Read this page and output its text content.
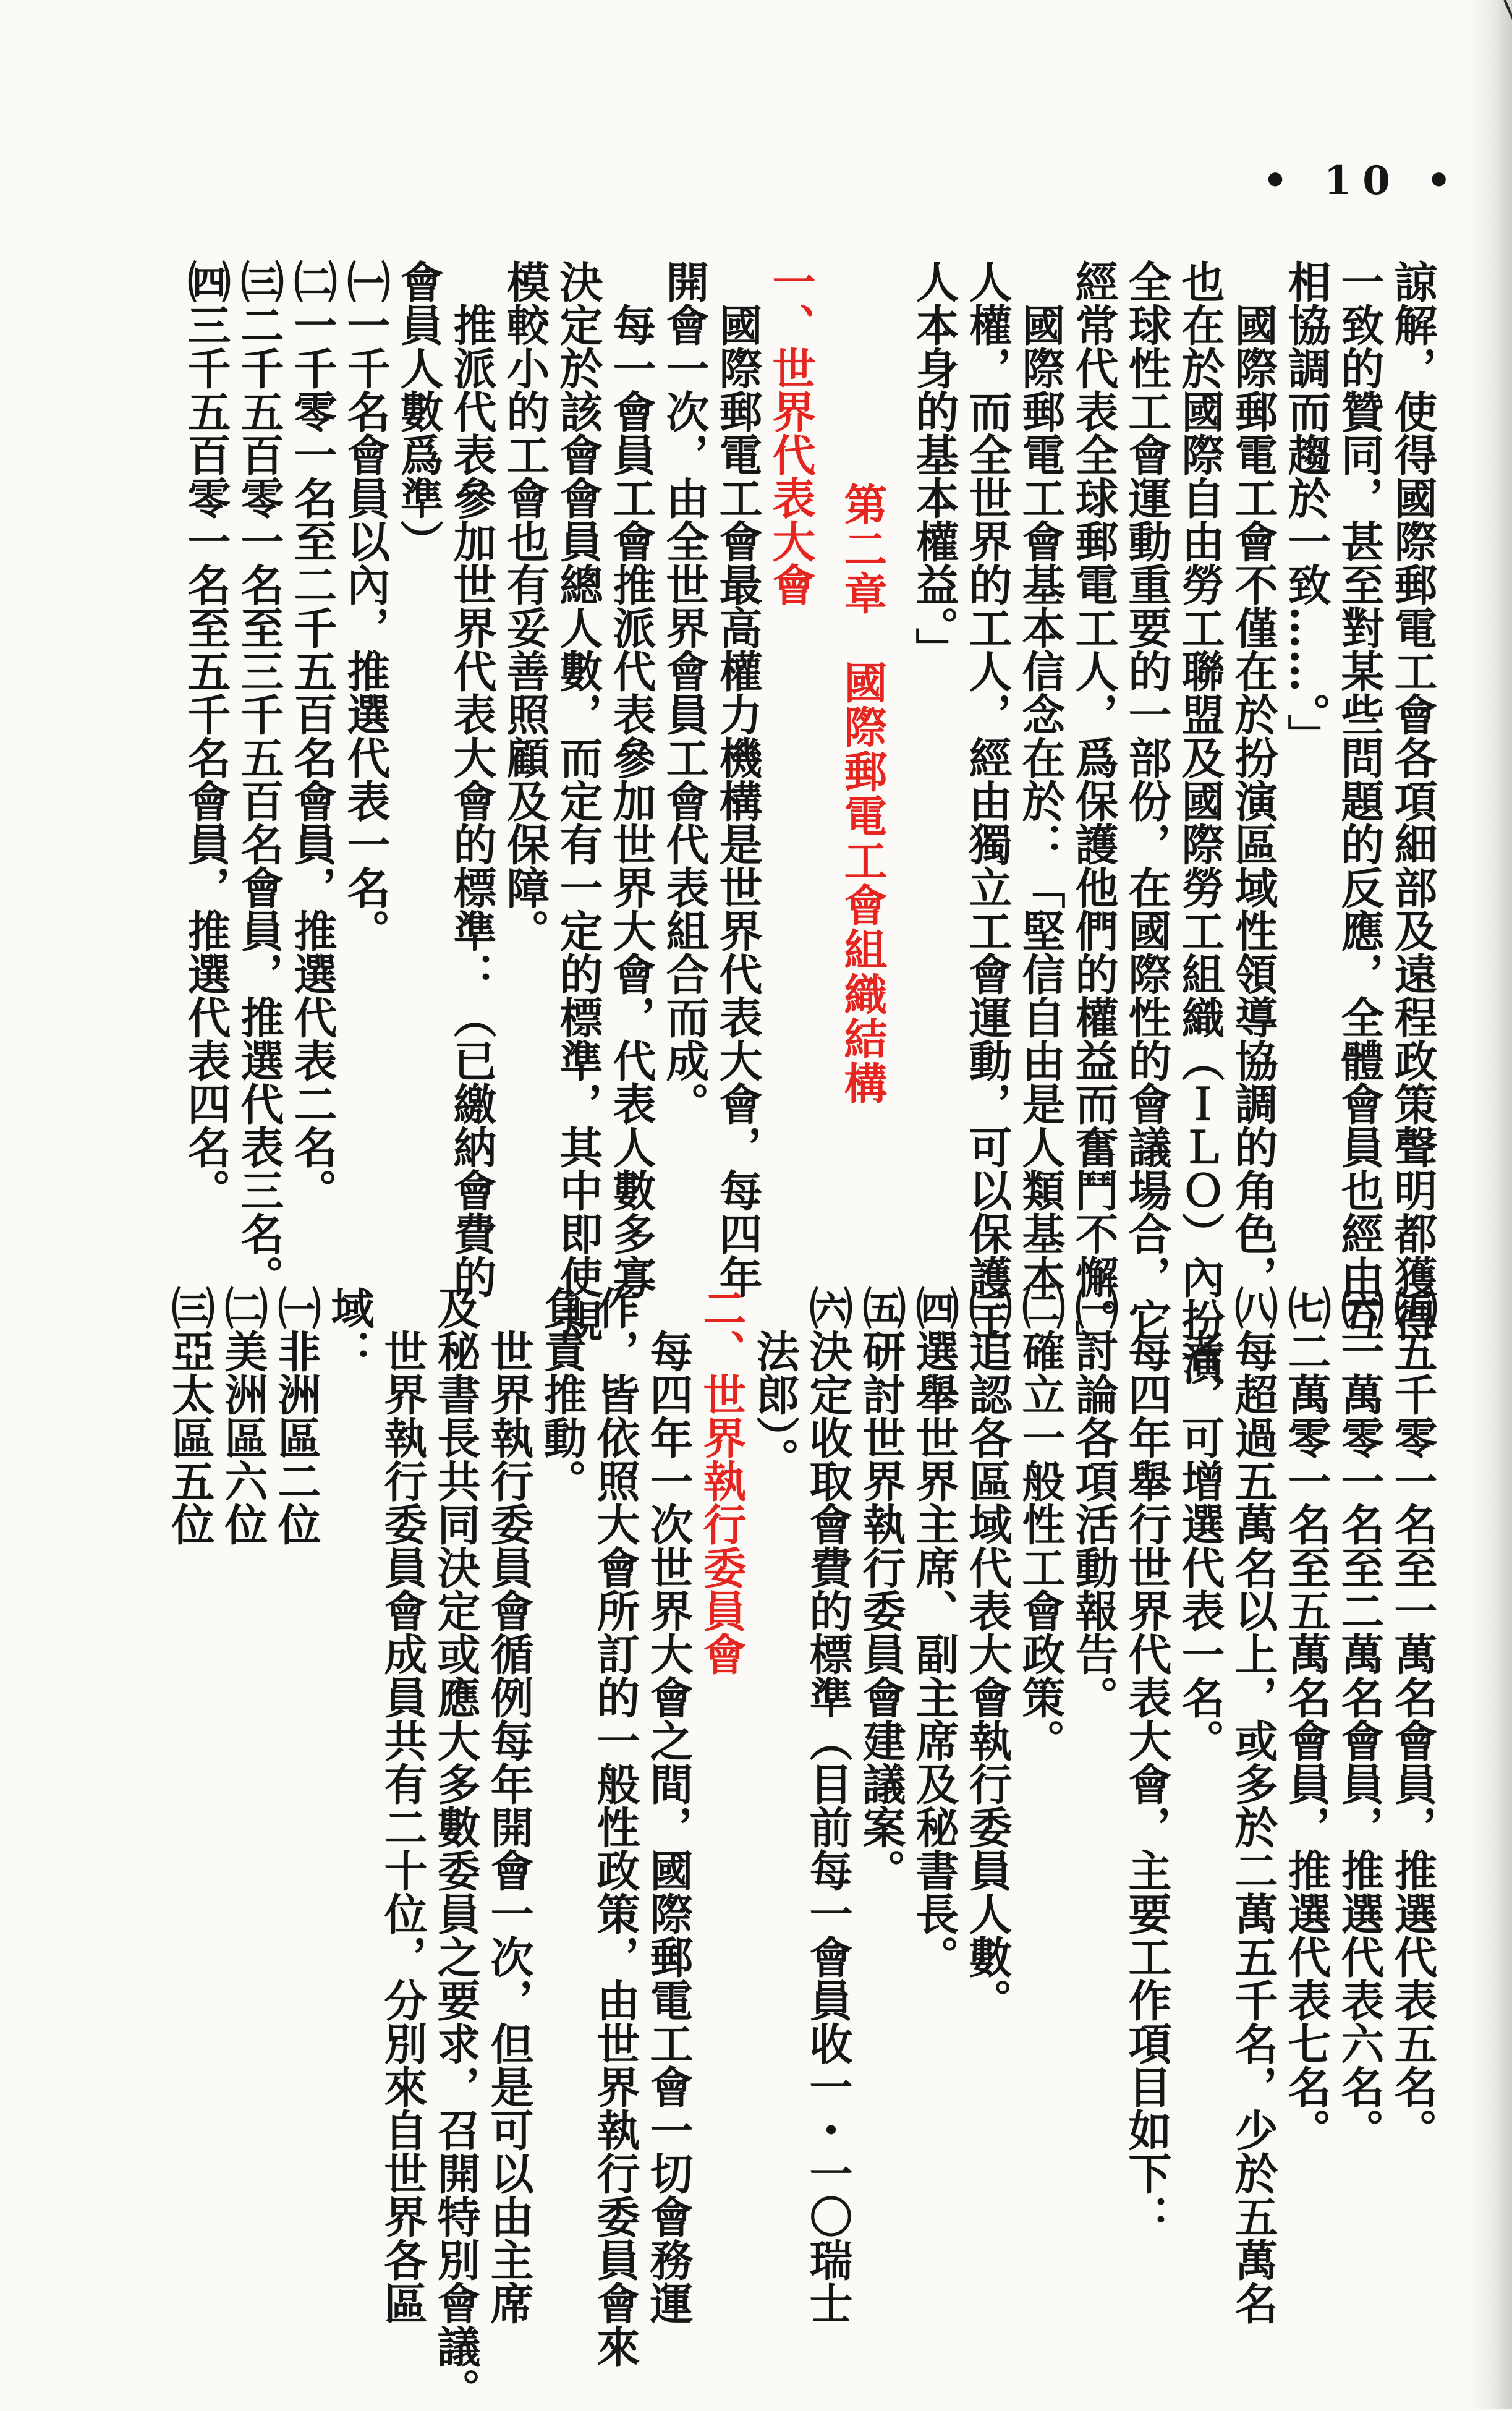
• 10 •
諒解，使得國際郵電工會各項細部及遠程政策聲明都獲得
一致的贊同，甚至對某些問題的反應，全體會員也經由互
相協調而趨於一致……。」
　國際郵電工會不僅在於扮演區域性領導協調的角色，
也在於國際自由勞工聯盟及國際勞工組織（ＩＬＯ）內扮演
全球性工會運動重要的一部份，在國際性的會議場合，它
經常代表全球郵電工人，爲保護他們的權益而奮鬥不懈。」
　國際郵電工會基本信念在於：「堅信自由是人類基本
人權，而全世界的工人，經由獨立工會運動，可以保護工
人本身的基本權益。」
　　　　　第二章　國際郵電工會組織結構
一、世界代表大會
　國際郵電工會最高權力機構是世界代表大會，每四年
開會一次，由全世界會員工會代表組合而成。
　每一會員工會推派代表參加世界大會，代表人數多寡
決定於該會會員總人數，而定有一定的標準，其中即使規
模較小的工會也有妥善照顧及保障。
　推派代表參加世界代表大會的標準：（已繳納會費的
會員人數爲準）
㈠一千名會員以內，推選代表一名。
㈡一千零一名至二千五百名會員，推選代表二名。
㈢二千五百零一名至三千五百名會員，推選代表三名。
㈣三千五百零一名至五千名會員，推選代表四名。
㈤五千零一名至一萬名會員，推選代表五名。
㈥一萬零一名至二萬名會員，推選代表六名。
㈦二萬零一名至五萬名會員，推選代表七名。
㈧每超過五萬名以上，或多於二萬五千名，少於五萬名
　者，可增選代表一名。
　每四年舉行世界代表大會，主要工作項目如下：
㈠討論各項活動報告。
㈡確立一般性工會政策。
㈢追認各區域代表大會執行委員人數。
㈣選舉世界主席、副主席及秘書長。
㈤研討世界執行委員會建議案。
㈥決定收取會費的標準（目前每一會員收一・一〇瑞士
　法郎）。
二、世界執行委員會
　每四年一次世界大會之間，國際郵電工會一切會務運
作，皆依照大會所訂的一般性政策，由世界執行委員會來
負責推動。
　世界執行委員會循例每年開會一次，但是可以由主席
及秘書長共同決定或應大多數委員之要求，召開特別會議。
　世界執行委員會成員共有二十位，分別來自世界各區
域：
㈠非洲區二位
㈡美洲區六位
㈢亞太區五位
